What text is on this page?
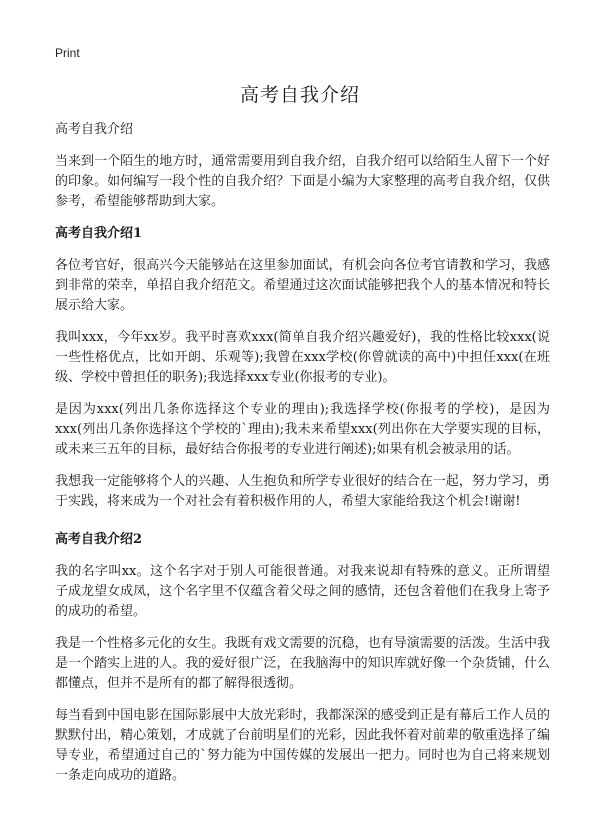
Print
高考自我介绍

高考自我介绍

当来到一个陌生的地方时，通常需要用到自我介绍，自我介绍可以给陌生人留下一个好的印象。如何编写一段个性的自我介绍？下面是小编为大家整理的高考自我介绍，仅供参考，希望能够帮助到大家。

高考自我介绍1

各位考官好，很高兴今天能够站在这里参加面试，有机会向各位考官请教和学习，我感到非常的荣幸，单招自我介绍范文。希望通过这次面试能够把我个人的基本情况和特长展示给大家。

我叫xxx，今年xx岁。我平时喜欢xxx(简单自我介绍兴趣爱好)，我的性格比较xxx(说一些性格优点，比如开朗、乐观等);我曾在xxx学校(你曾就读的高中)中担任xxx(在班级、学校中曾担任的职务);我选择xxx专业(你报考的专业)。

是因为xxx(列出几条你选择这个专业的理由);我选择学校(你报考的学校)，是因为xxx(列出几条你选择这个学校的`理由);我未来希望xxx(列出你在大学要实现的目标，或未来三五年的目标，最好结合你报考的专业进行阐述);如果有机会被录用的话。

我想我一定能够将个人的兴趣、人生抱负和所学专业很好的结合在一起，努力学习，勇于实践，将来成为一个对社会有着积极作用的人，希望大家能给我这个机会!谢谢!

高考自我介绍2

我的名字叫xx。这个名字对于别人可能很普通。对我来说却有特殊的意义。正所谓望子成龙望女成凤，这个名字里不仅蕴含着父母之间的感情，还包含着他们在我身上寄予的成功的希望。

我是一个性格多元化的女生。我既有戏文需要的沉稳，也有导演需要的活泼。生活中我是一个踏实上进的人。我的爱好很广泛，在我脑海中的知识库就好像一个杂货铺，什么都懂点，但并不是所有的都了解得很透彻。

每当看到中国电影在国际影展中大放光彩时，我都深深的感受到正是有幕后工作人员的默默付出，精心策划，才成就了台前明星们的光彩，因此我怀着对前辈的敬重选择了编导专业，希望通过自己的`努力能为中国传媒的发展出一把力。同时也为自己将来规划一条走向成功的道路。
